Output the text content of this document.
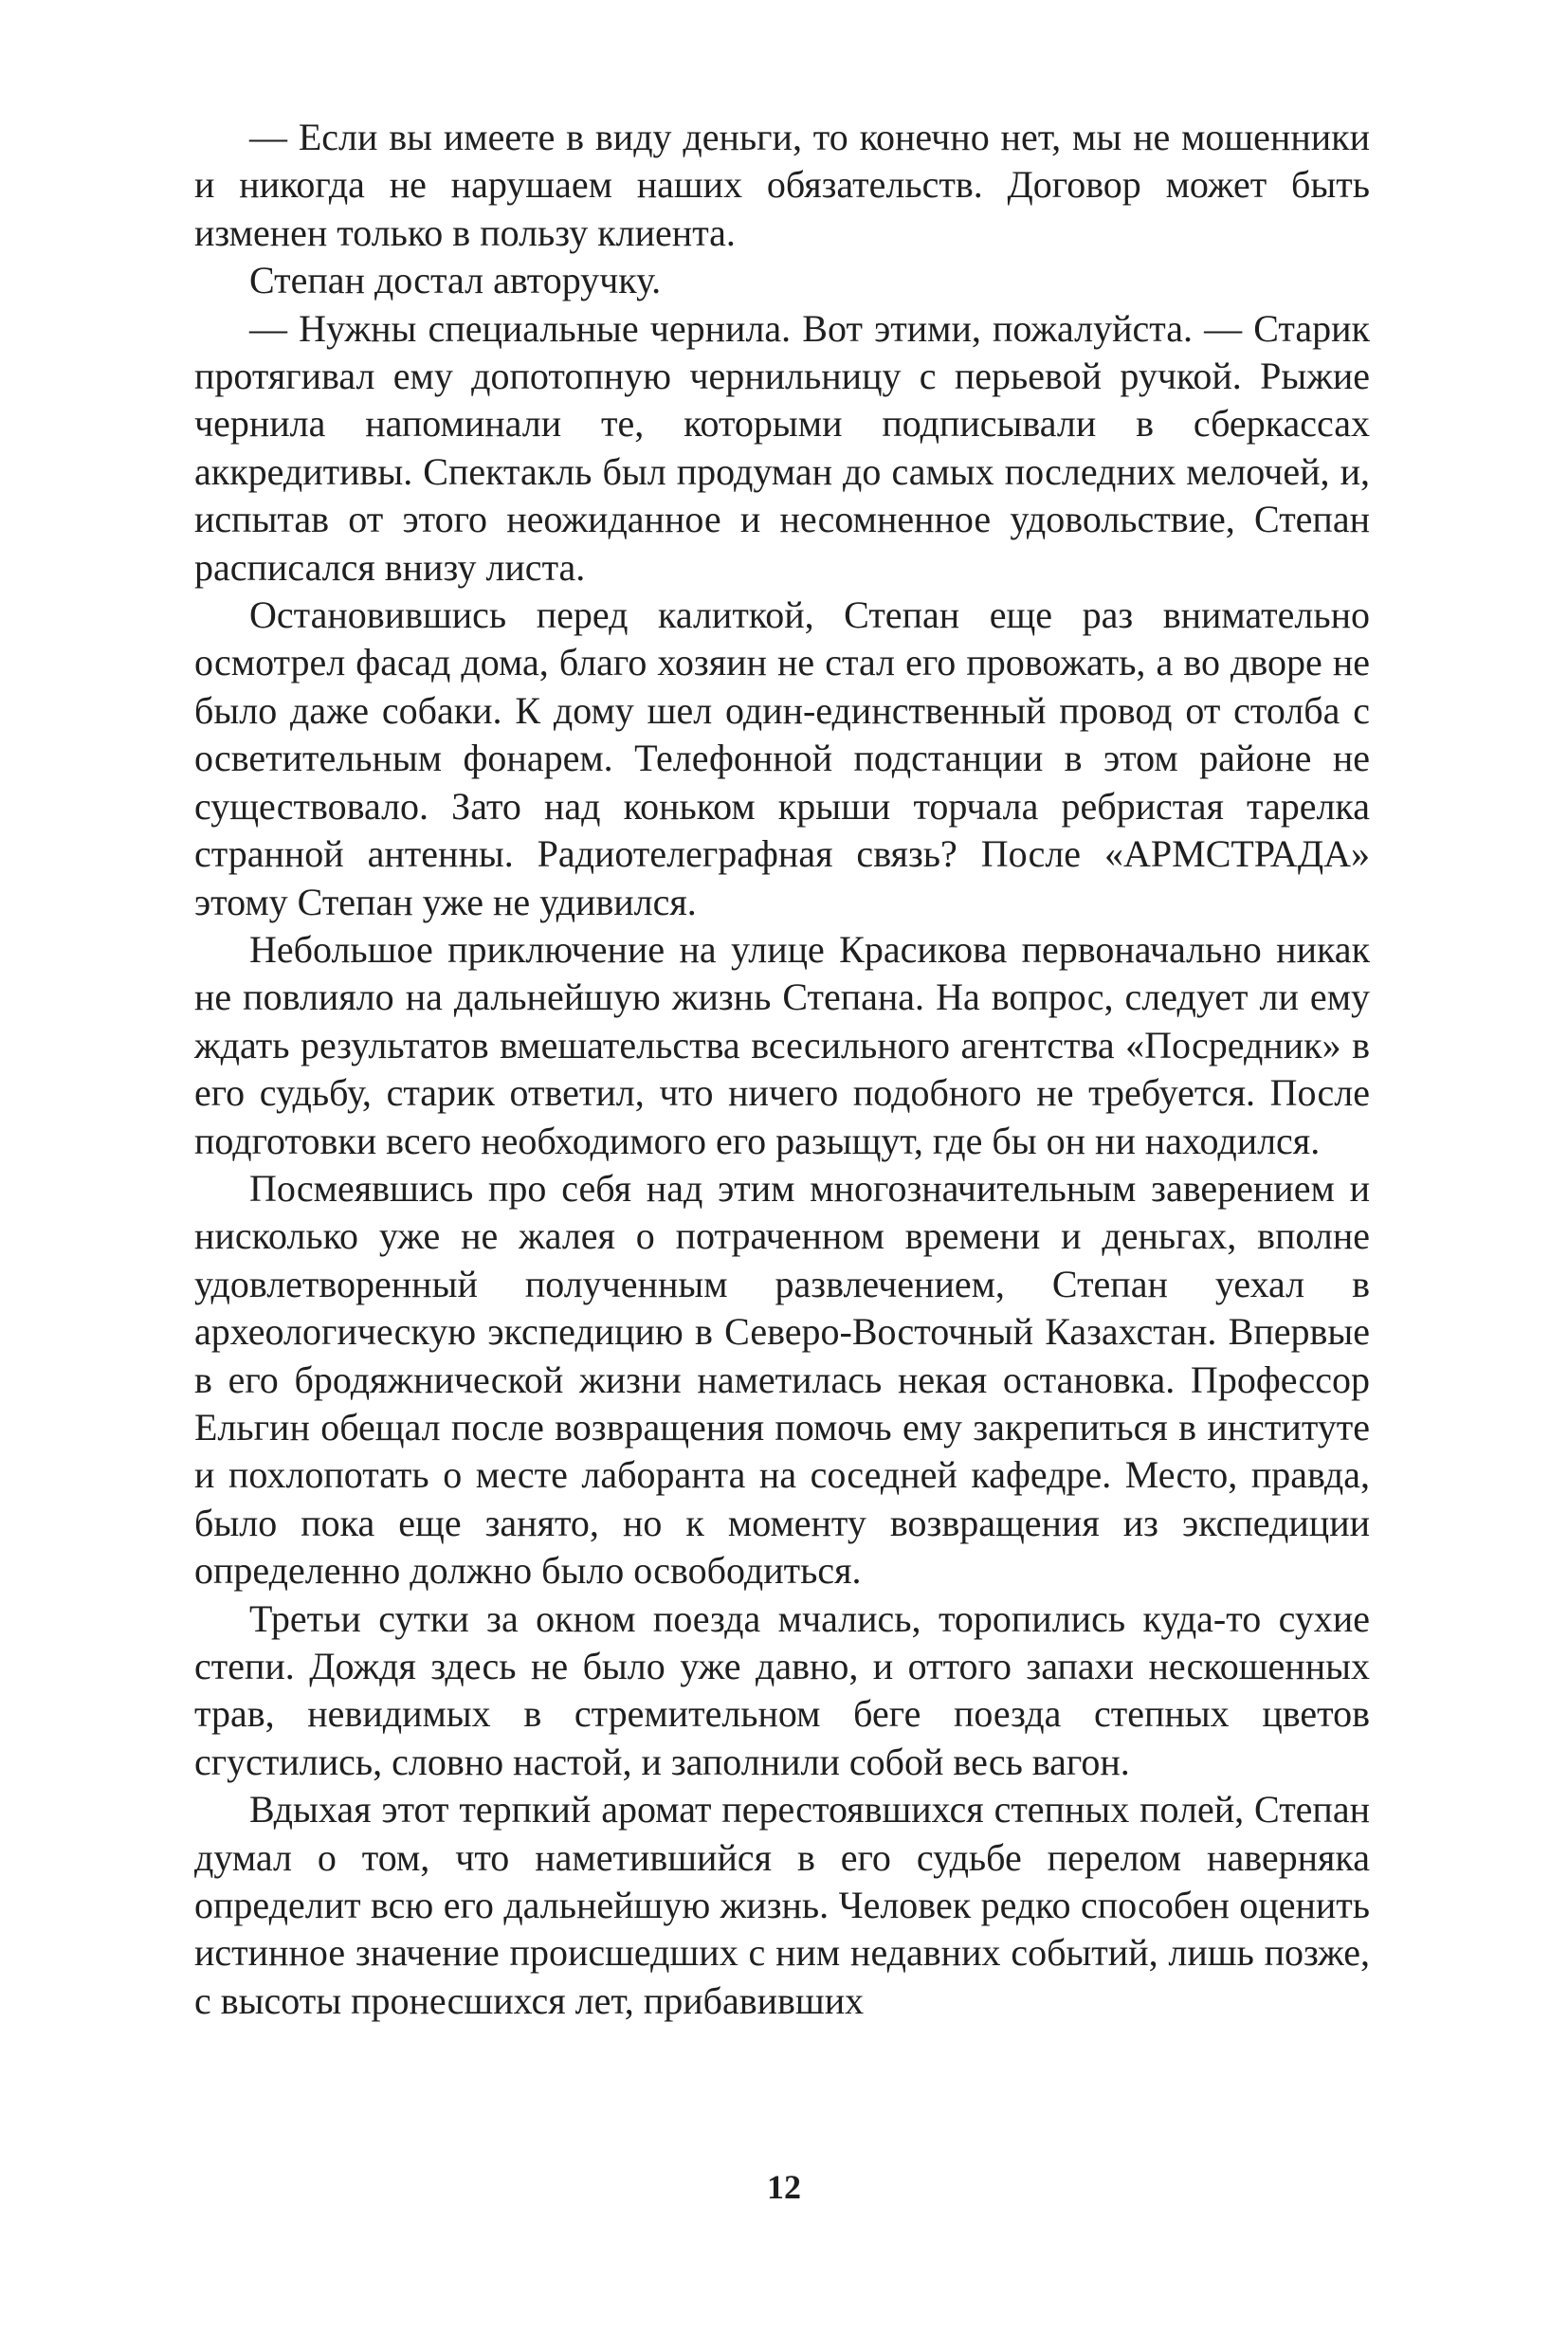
— Если вы имеете в виду деньги, то конечно нет, мы не мошенники и никогда не нарушаем наших обязательств. Договор может быть изменен только в пользу клиента.

Степан достал авторучку.

— Нужны специальные чернила. Вот этими, пожалуйста. — Старик протягивал ему допотопную чернильницу с перьевой ручкой. Рыжие чернила напоминали те, которыми подписывали в сберкассах аккредитивы. Спектакль был продуман до самых последних мелочей, и, испытав от этого неожиданное и несомненное удовольствие, Степан расписался внизу листа.

Остановившись перед калиткой, Степан еще раз внимательно осмотрел фасад дома, благо хозяин не стал его провожать, а во дворе не было даже собаки. К дому шел один-единственный провод от столба с осветительным фонарем. Телефонной подстанции в этом районе не существовало. Зато над коньком крыши торчала ребристая тарелка странной антенны. Радиотелеграфная связь? После «АРМСТРАДА» этому Степан уже не удивился.

Небольшое приключение на улице Красикова первоначально никак не повлияло на дальнейшую жизнь Степана. На вопрос, следует ли ему ждать результатов вмешательства всесильного агентства «Посредник» в его судьбу, старик ответил, что ничего подобного не требуется. После подготовки всего необходимого его разыщут, где бы он ни находился.

Посмеявшись про себя над этим многозначительным заверением и нисколько уже не жалея о потраченном времени и деньгах, вполне удовлетворенный полученным развлечением, Степан уехал в археологическую экспедицию в Северо-Восточный Казахстан. Впервые в его бродяжнической жизни наметилась некая остановка. Профессор Ельгин обещал после возвращения помочь ему закрепиться в институте и похлопотать о месте лаборанта на соседней кафедре. Место, правда, было пока еще занято, но к моменту возвращения из экспедиции определенно должно было освободиться.

Третьи сутки за окном поезда мчались, торопились куда-то сухие степи. Дождя здесь не было уже давно, и оттого запахи нескошенных трав, невидимых в стремительном беге поезда степных цветов сгустились, словно настой, и заполнили собой весь вагон.

Вдыхая этот терпкий аромат перестоявшихся степных полей, Степан думал о том, что наметившийся в его судьбе перелом наверняка определит всю его дальнейшую жизнь. Человек редко способен оценить истинное значение происшедших с ним недавних событий, лишь позже, с высоты пронесшихся лет, прибавивших

12
